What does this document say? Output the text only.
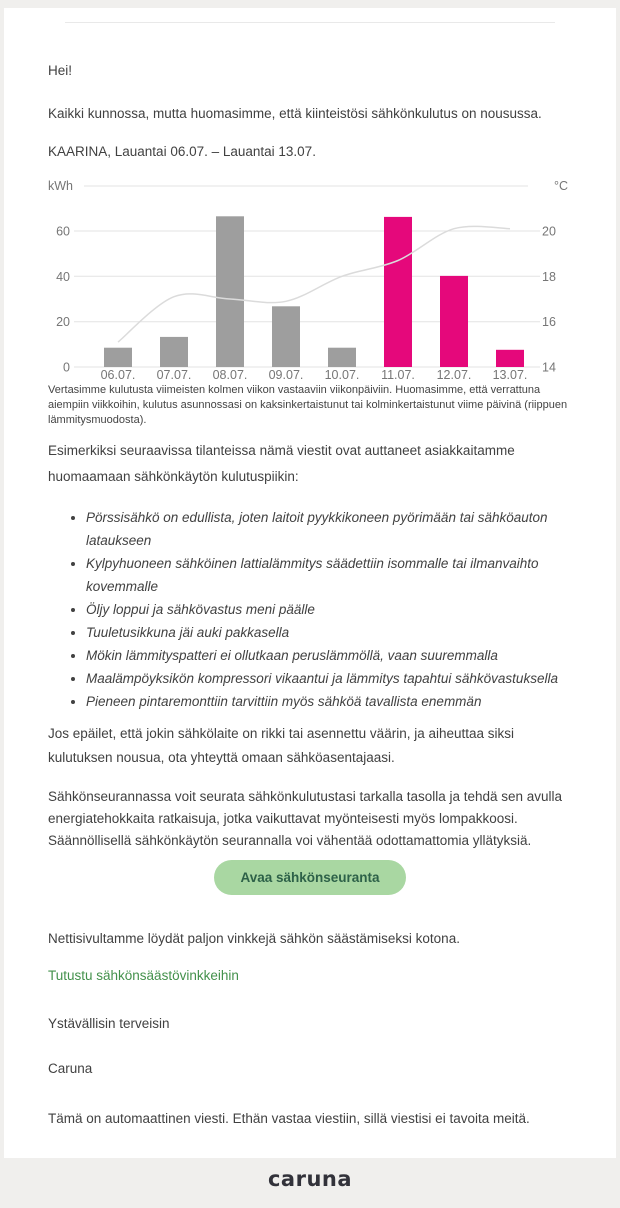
Hei!

Kaikki kunnossa, mutta huomasimme, että kiinteistösi sähkönkulutus on nousussa.

KAARINA, Lauantai 06.07. – Lauantai 13.07.

kWh	°C
0	14
20	16
40	18
60	20
06.07. 07.07. 08.07. 09.07. 10.07. 11.07. 12.07. 13.07.

Vertasimme kulutusta viimeisten kolmen viikon vastaaviin viikonpäiviin. Huomasimme, että verrattuna aiempiin viikkoihin, kulutus asunnossasi on kaksinkertaistunut tai kolminkertaistunut viime päivinä (riippuen lämmitysmuodosta).

Esimerkiksi seuraavissa tilanteissa nämä viestit ovat auttaneet asiakkaitamme huomaamaan sähkönkäytön kulutuspiikin:

• Pörssisähkö on edullista, joten laitoit pyykkikoneen pyörimään tai sähköauton lataukseen
• Kylpyhuoneen sähköinen lattialämmitys säädettiin isommalle tai ilmanvaihto kovemmalle
• Öljy loppui ja sähkövastus meni päälle
• Tuuletusikkuna jäi auki pakkasella
• Mökin lämmityspatteri ei ollutkaan peruslämmöllä, vaan suuremmalla
• Maalämpöyksikön kompressori vikaantui ja lämmitys tapahtui sähkövastuksella
• Pieneen pintaremonttiin tarvittiin myös sähköä tavallista enemmän

Jos epäilet, että jokin sähkölaite on rikki tai asennettu väärin, ja aiheuttaa siksi kulutuksen nousua, ota yhteyttä omaan sähköasentajaasi.

Sähkönseurannassa voit seurata sähkönkulutustasi tarkalla tasolla ja tehdä sen avulla energiatehokkaita ratkaisuja, jotka vaikuttavat myönteisesti myös lompakkoosi. Säännöllisellä sähkönkäytön seurannalla voi vähentää odottamattomia yllätyksiä.

Avaa sähkönseuranta

Nettisivultamme löydät paljon vinkkejä sähkön säästämiseksi kotona.

Tutustu sähkönsäästövinkkeihin

Ystävällisin terveisin

Caruna

Tämä on automaattinen viesti. Ethän vastaa viestiin, sillä viestisi ei tavoita meitä.

caruna
